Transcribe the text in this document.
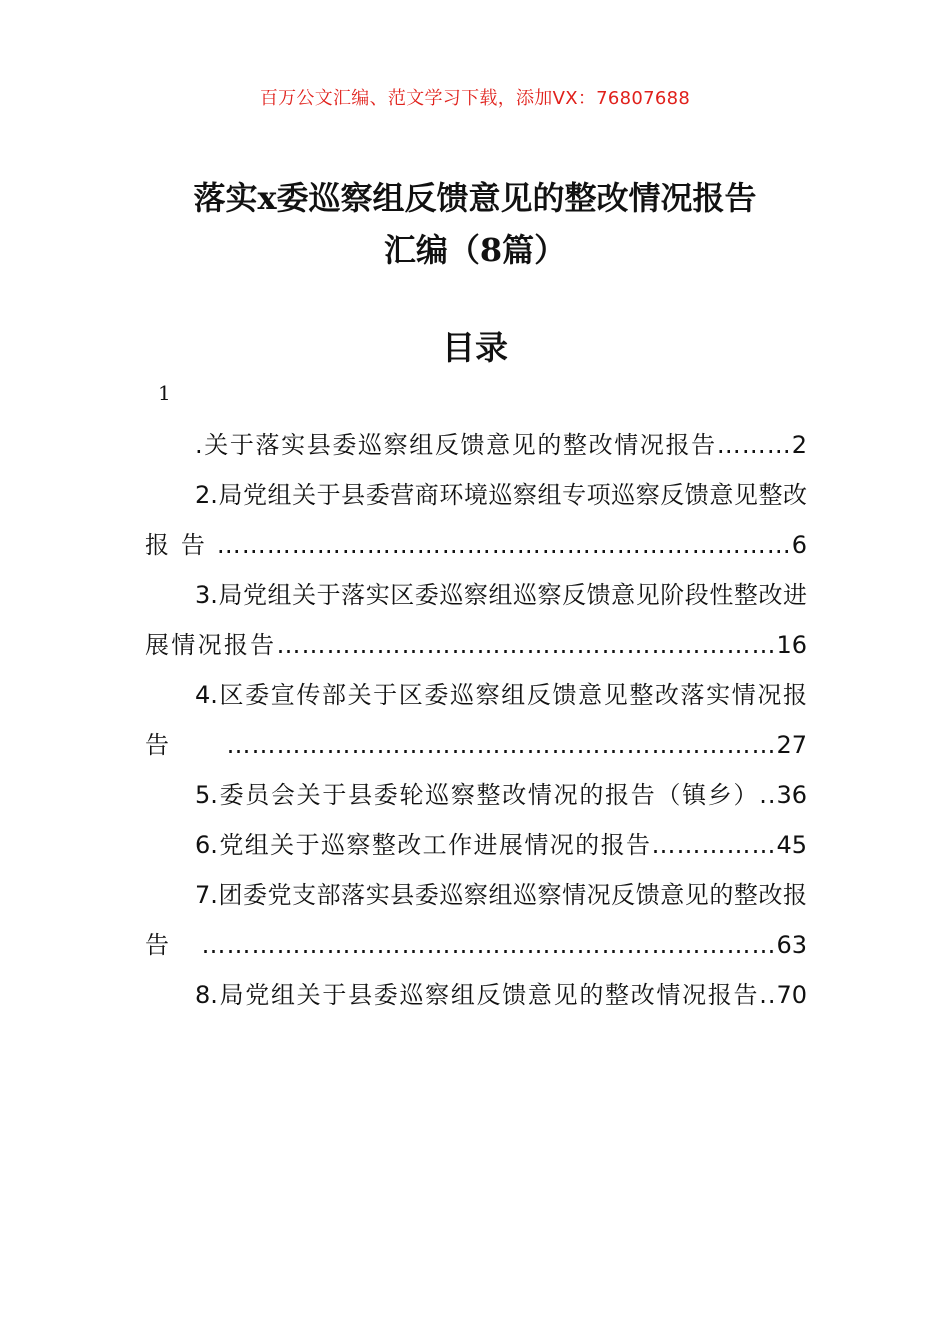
百万公文汇编、范文学习下载，添加VX：76807688
落实x委巡察组反馈意见的整改情况报告
汇编（8篇）
目录
1
.关于落实县委巡察组反馈意见的整改情况报告………2
2.局党组关于县委营商环境巡察组专项巡察反馈意见整改报告……………………………………………………………6
3.局党组关于落实区委巡察组巡察反馈意见阶段性整改进展情况报告……………………………………………………16
4.区委宣传部关于区委巡察组反馈意见整改落实情况报告…………………………………………………………27
5.委员会关于县委轮巡察整改情况的报告（镇乡）..36
6.党组关于巡察整改工作进展情况的报告……………45
7.团委党支部落实县委巡察组巡察情况反馈意见的整改报告……………………………………………………………63
8.局党组关于县委巡察组反馈意见的整改情况报告..70
